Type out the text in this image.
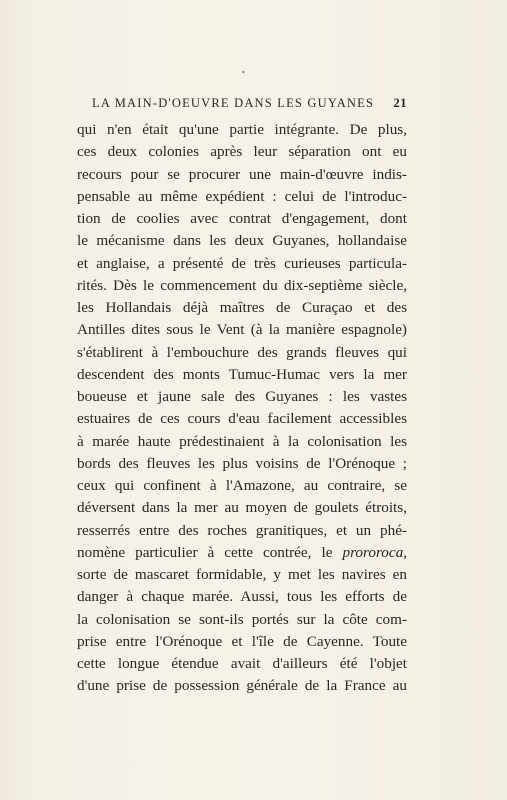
•
LA MAIN-D'OEUVRE DANS LES GUYANES 21
qui n'en était qu'une partie intégrante. De plus,
ces deux colonies après leur séparation ont eu
recours pour se procurer une main-d'œuvre indis-
pensable au même expédient : celui de l'introduc-
tion de coolies avec contrat d'engagement, dont
le mécanisme dans les deux Guyanes, hollandaise
et anglaise, a présenté de très curieuses particula-
rités. Dès le commencement du dix-septième siècle,
les Hollandais déjà maîtres de Curaçao et des
Antilles dites sous le Vent (à la manière espagnole)
s'établirent à l'embouchure des grands fleuves qui
descendent des monts Tumuc-Humac vers la mer
boueuse et jaune sale des Guyanes : les vastes
estuaires de ces cours d'eau facilement accessibles
à marée haute prédestinaient à la colonisation les
bords des fleuves les plus voisins de l'Orénoque ;
ceux qui confinent à l'Amazone, au contraire, se
déversent dans la mer au moyen de goulets étroits,
resserrés entre des roches granitiques, et un phé-
nomène particulier à cette contrée, le prororoca,
sorte de mascaret formidable, y met les navires en
danger à chaque marée. Aussi, tous les efforts de
la colonisation se sont-ils portés sur la côte com-
prise entre l'Orénoque et l'île de Cayenne. Toute
cette longue étendue avait d'ailleurs été l'objet
d'une prise de possession générale de la France au
